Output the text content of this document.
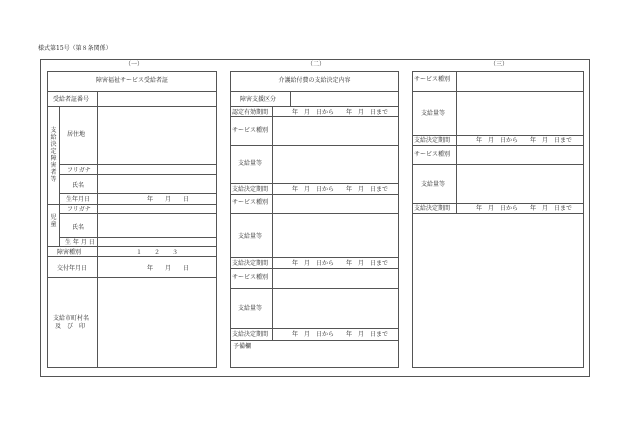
様式第15号（第８条関係）
（一）	（二）	（三）
障害福祉サービス受給者証
受給者証番号
支給決定障害者等
居住地
フリガナ
氏名
生年月日	年　　月　　日
児童
フリガナ
氏名
生 年 月 日
障害種別	１　　２　　３
交付年月日	年　　月　　日
支給市町村名
及　び　印
介護給付費の支給決定内容
障害支援区分
認定有効期間	年　月　日から　　年　月　日まで
サービス種別
支給量等
支給決定期間	年　月　日から　　年　月　日まで
サービス種別
支給量等
支給決定期間	年　月　日から　　年　月　日まで
サービス種別
支給量等
支給決定期間	年　月　日から　　年　月　日まで
予備欄
サービス種別
支給量等
支給決定期間	年　月　日から　　年　月　日まで
サービス種別
支給量等
支給決定期間	年　月　日から　　年　月　日まで
